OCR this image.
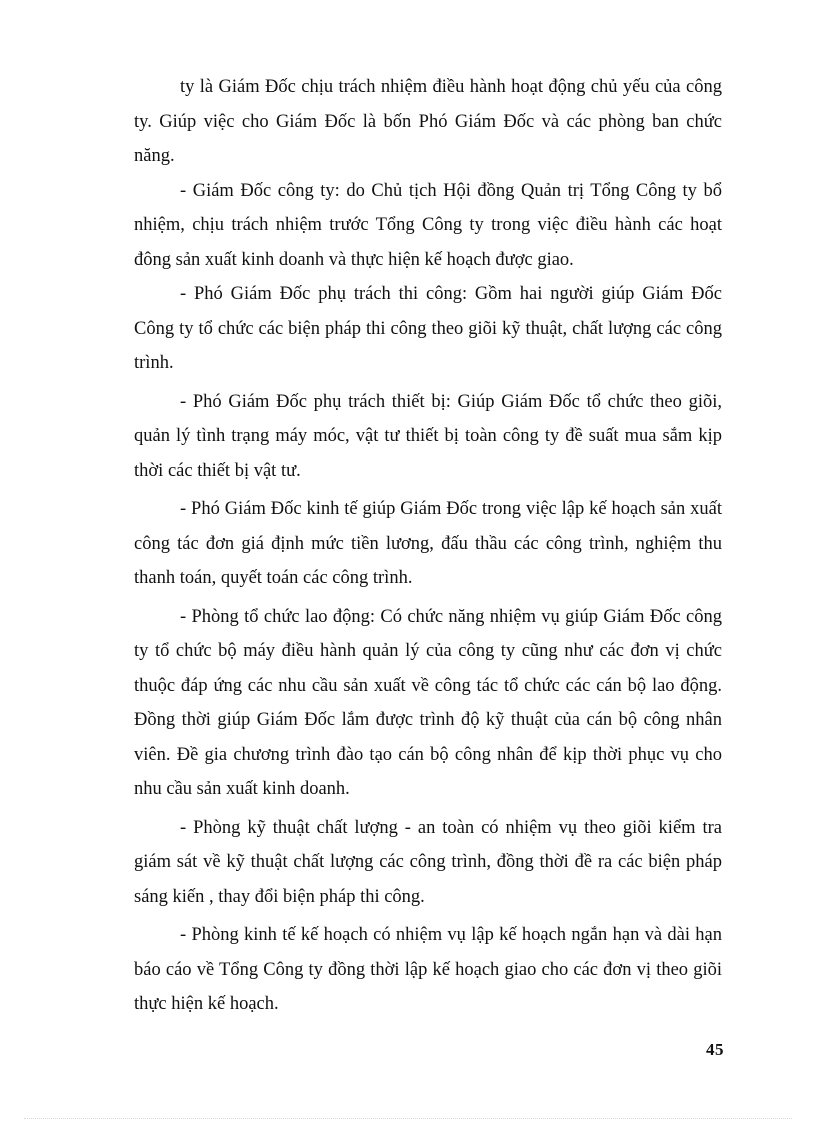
ty là Giám Đốc chịu trách nhiệm điều hành hoạt động chủ yếu của công ty. Giúp việc cho Giám Đốc là bốn Phó Giám Đốc và các phòng ban chức năng.

- Giám Đốc công ty: do Chủ tịch Hội đồng Quản trị Tổng Công ty bổ nhiệm, chịu trách nhiệm trước Tổng Công ty trong việc điều hành các hoạt đông sản xuất kinh doanh và thực hiện kế hoạch được giao.

- Phó Giám Đốc phụ trách thi công: Gồm hai người giúp Giám Đốc Công ty tổ chức các biện pháp thi công theo giõi kỹ thuật, chất lượng các công trình.

- Phó Giám Đốc phụ trách thiết bị: Giúp Giám Đốc tổ chức theo giõi, quản lý tình trạng máy móc, vật tư thiết bị toàn công ty đề suất mua sắm kịp thời các thiết bị vật tư.

- Phó Giám Đốc kinh tế giúp Giám Đốc trong việc lập kế hoạch sản xuất công tác đơn giá định mức tiền lương, đấu thầu các công trình, nghiệm thu thanh toán, quyết toán các công trình.

- Phòng tổ chức lao động: Có chức năng nhiệm vụ giúp Giám Đốc công ty tổ chức bộ máy điều hành quản lý của công ty cũng như các đơn vị chức thuộc đáp ứng các nhu cầu sản xuất về công tác tổ chức các cán bộ lao động. Đồng thời giúp Giám Đốc lắm được trình độ kỹ thuật của cán bộ công nhân viên. Đề gia chương trình đào tạo cán bộ công nhân để kịp thời phục vụ cho nhu cầu sản xuất kinh doanh.

- Phòng kỹ thuật chất lượng - an toàn có nhiệm vụ theo giõi kiểm tra giám sát về kỹ thuật chất lượng các công trình, đồng thời đề ra các biện pháp sáng kiến , thay đổi biện pháp thi công.

- Phòng kinh tế kế hoạch có nhiệm vụ lập kế hoạch ngắn hạn và dài hạn báo cáo về Tổng Công ty đồng thời lập kế hoạch giao cho các đơn vị theo giõi thực hiện kế hoạch.

45
